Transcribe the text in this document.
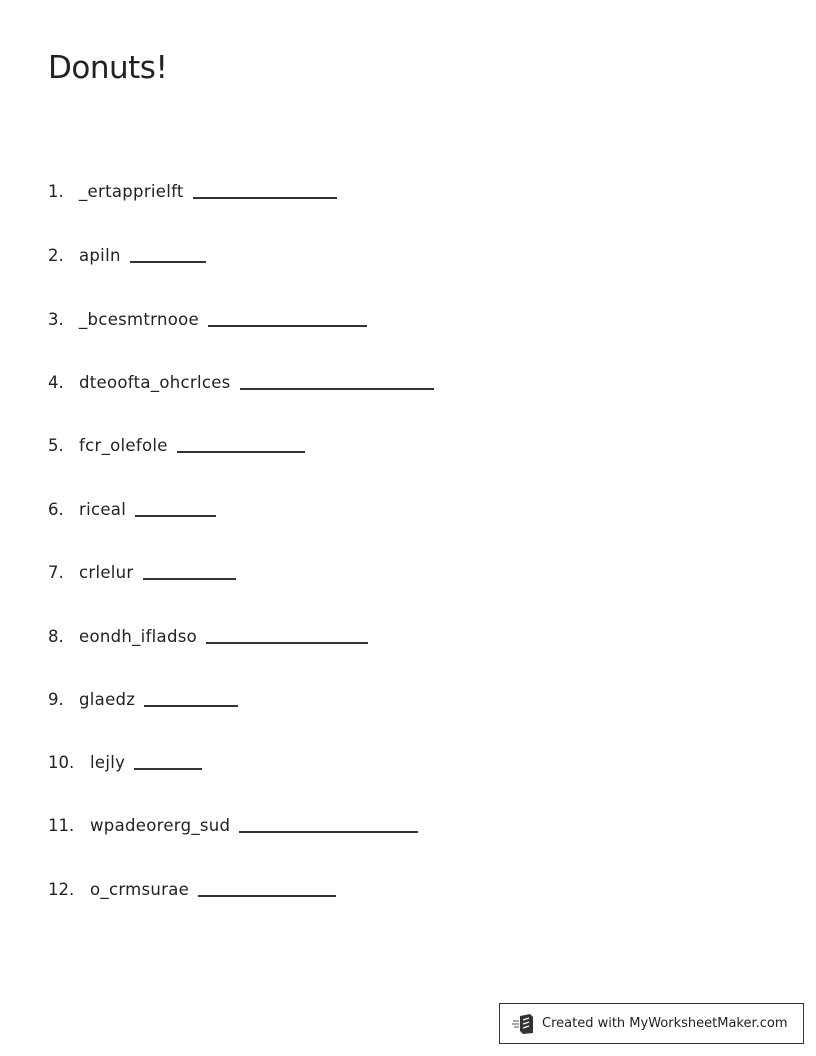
Donuts!
1. _ertapprielft
2. apiln
3. _bcesmtrnooe
4. dteoofta_ohcrlces
5. fcr_olefole
6. riceal
7. crlelur
8. eondh_ifladso
9. glaedz
10. lejly
11. wpadeorerg_sud
12. o_crmsurae
Created with MyWorksheetMaker.com
